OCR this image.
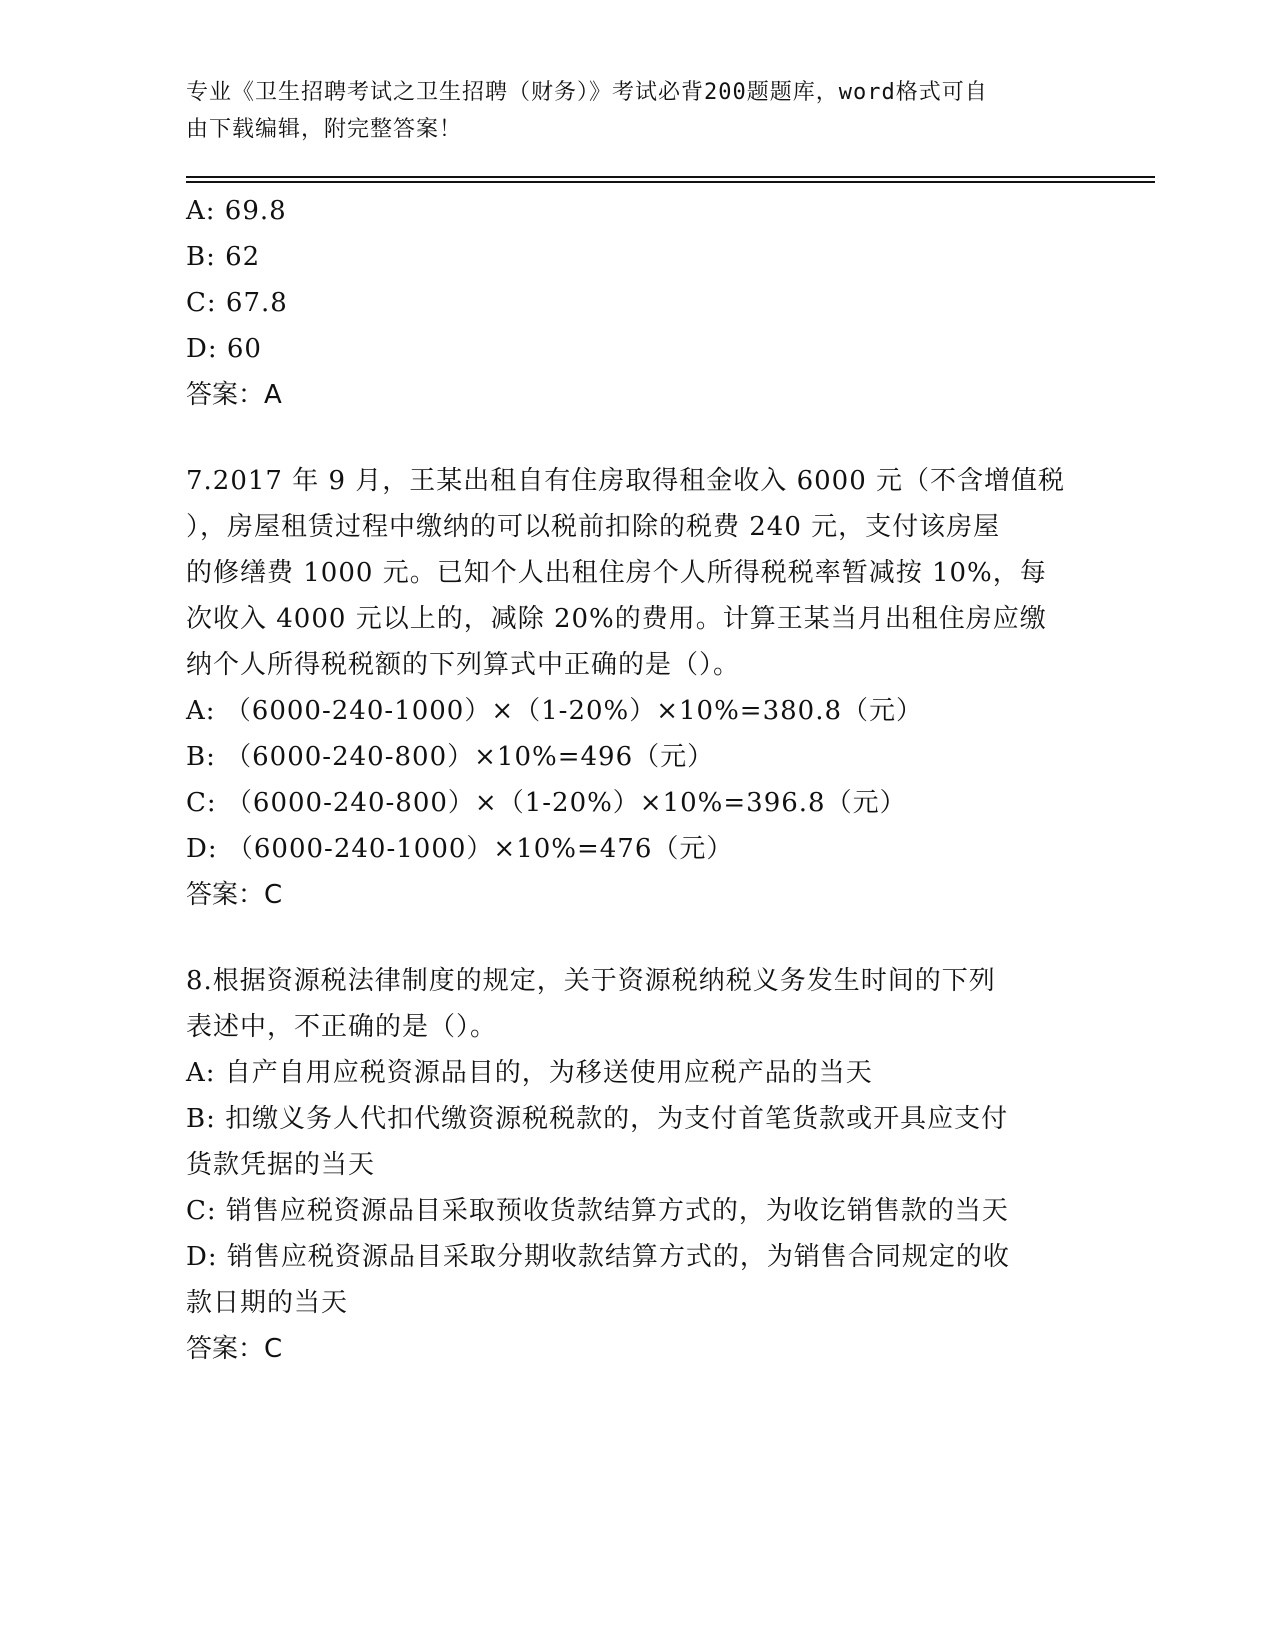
专业《卫生招聘考试之卫生招聘（财务）》考试必背200题题库，word格式可自
由下载编辑，附完整答案！
A: 69.8
B: 62
C: 67.8
D: 60
答案：A
7.2017 年 9 月，王某出租自有住房取得租金收入 6000 元（不含增值税
），房屋租赁过程中缴纳的可以税前扣除的税费 240 元，支付该房屋
的修缮费 1000 元。已知个人出租住房个人所得税税率暂减按 10%，每
次收入 4000 元以上的，减除 20%的费用。计算王某当月出租住房应缴
纳个人所得税税额的下列算式中正确的是（）。
A: （6000-240-1000）×（1-20%）×10%=380.8（元）
B: （6000-240-800）×10%=496（元）
C: （6000-240-800）×（1-20%）×10%=396.8（元）
D: （6000-240-1000）×10%=476（元）
答案：C
8.根据资源税法律制度的规定，关于资源税纳税义务发生时间的下列
表述中，不正确的是（）。
A: 自产自用应税资源品目的，为移送使用应税产品的当天
B: 扣缴义务人代扣代缴资源税税款的，为支付首笔货款或开具应支付
货款凭据的当天
C: 销售应税资源品目采取预收货款结算方式的，为收讫销售款的当天
D: 销售应税资源品目采取分期收款结算方式的，为销售合同规定的收
款日期的当天
答案：C
